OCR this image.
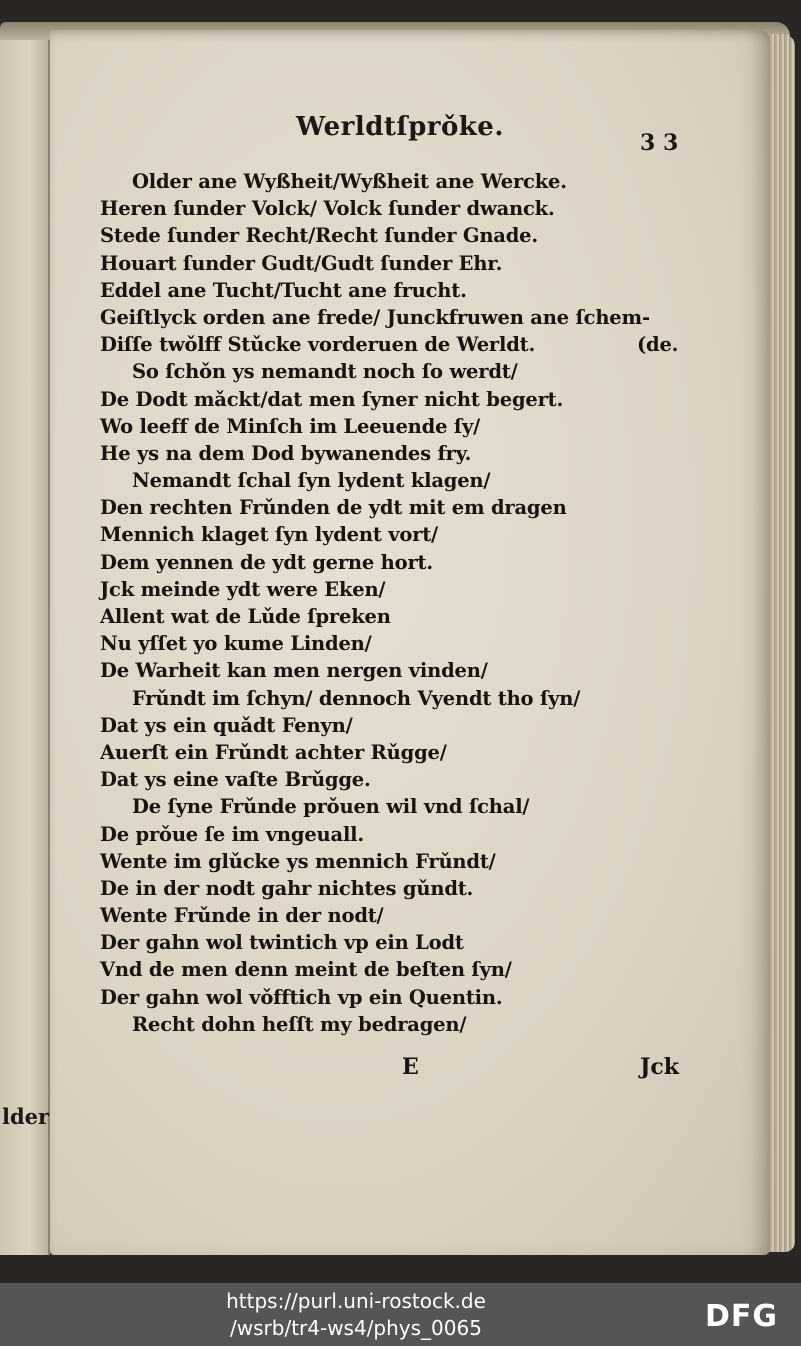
lder
Werldtſprǒke.
3 3
Older ane Wyßheit/Wyßheit ane Wercke.
Heren ſunder Volck/ Volck ſunder dwanck.
Stede ſunder Recht/Recht ſunder Gnade.
Houart ſunder Gudt/Gudt ſunder Ehr.
Eddel ane Tucht/Tucht ane frucht.
Geiſtlyck orden ane frede/ Junckfruwen ane ſchem-
Diſſe twǒlff Stǔcke vorderuen de Werldt.	(de.
So ſchǒn ys nemandt noch ſo werdt/
De Dodt mǎckt/dat men ſyner nicht begert.
Wo leeff de Minſch im Leeuende ſy/
He ys na dem Dod bywanendes fry.
Nemandt ſchal ſyn lydent klagen/
Den rechten Frǔnden de ydt mit em dragen
Mennich klaget ſyn lydent vort/
Dem yennen de ydt gerne hort.
Jck meinde ydt were Eken/
Allent wat de Lǔde ſpreken
Nu yſſet yo kume Linden/
De Warheit kan men nergen vinden/
Frǔndt im ſchyn/ dennoch Vyendt tho ſyn/
Dat ys ein quǎdt Fenyn/
Auerſt ein Frǔndt achter Rǔgge/
Dat ys eine vaſte Brǔgge.
De ſyne Frǔnde prǒuen wil vnd ſchal/
De prǒue ſe im vngeuall.
Wente im glǔcke ys mennich Frǔndt/
De in der nodt gahr nichtes gǔndt.
Wente Frǔnde in der nodt/
Der gahn wol twintich vp ein Lodt
Vnd de men denn meint de beſten ſyn/
Der gahn wol vǒfftich vp ein Quentin.
Recht dohn heſſt my bedragen/
E	Jck
https://purl.uni-rostock.de
/wsrb/tr4-ws4/phys_0065	DFG
